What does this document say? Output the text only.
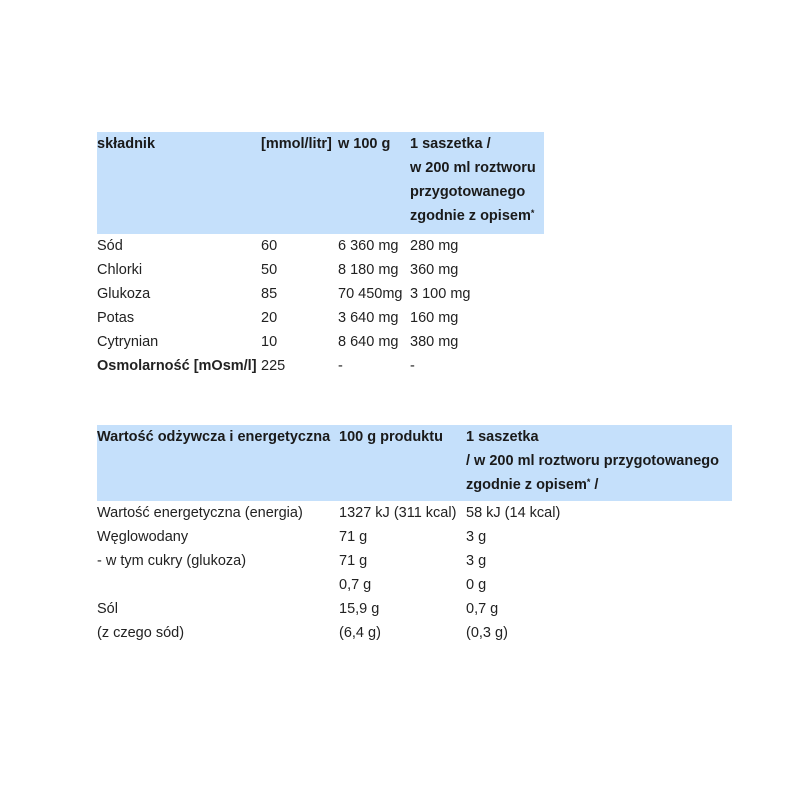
składnik	[mmol/litr]	w 100 g	1 saszetka /
w 200 ml roztworu
przygotowanego
zgodnie z opisem*

Sód	60	6 360 mg	280 mg
Chlorki	50	8 180 mg	360 mg
Glukoza	85	70 450mg	3 100 mg
Potas	20	3 640 mg	160 mg
Cytrynian	10	8 640 mg	380 mg
Osmolarność [mOsm/l]	225	-	-
Wartość odżywcza i energetyczna	100 g produktu	1 saszetka
/ w 200 ml roztworu przygotowanego
zgodnie z opisem* /

Wartość energetyczna (energia)	1327 kJ (311 kcal)	58 kJ (14 kcal)
Węglowodany	71 g	3 g
- w tym cukry (glukoza)	71 g	3 g
	0,7 g	0 g
Sól	15,9 g	0,7 g
(z czego sód)	(6,4 g)	(0,3 g)
